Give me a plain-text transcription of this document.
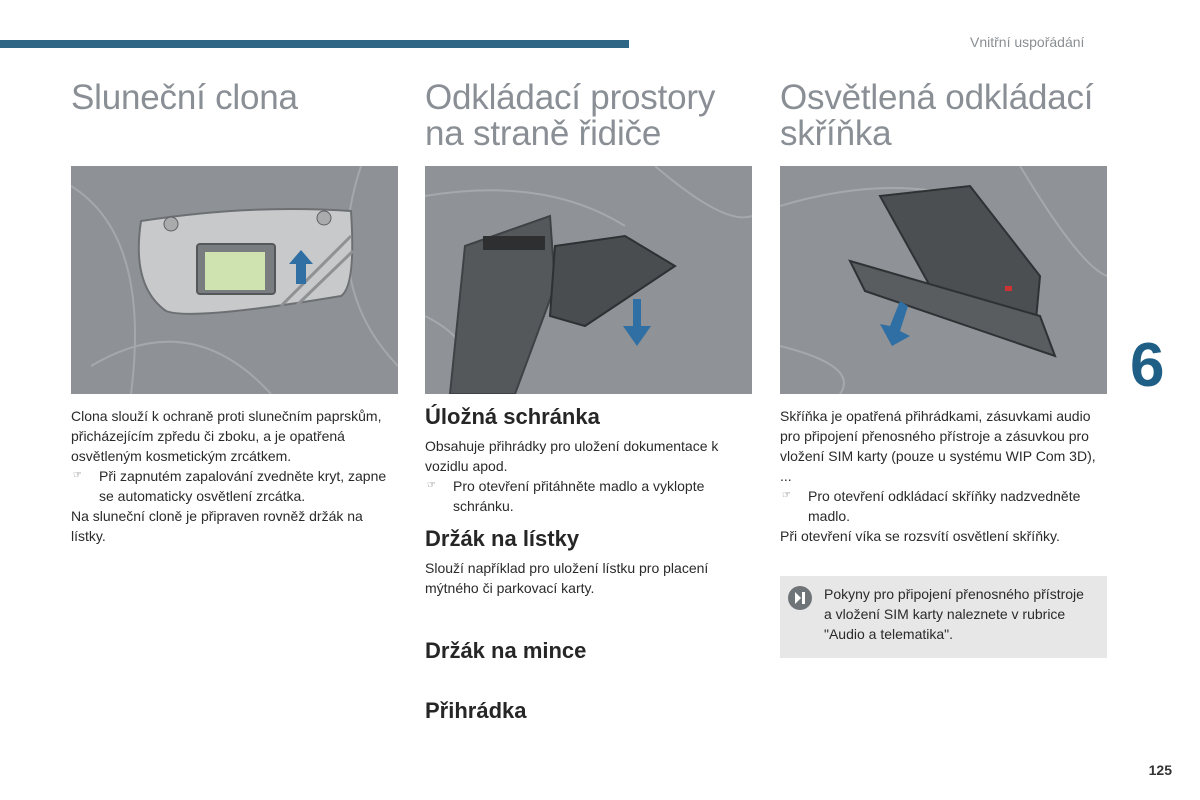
Vnitřní uspořádání
6
125
Sluneční clona

Clona slouží k ochraně proti slunečním paprskům, přicházejícím zpředu či zboku, a je opatřená osvětleným kosmetickým zrcátkem.

☞ Při zapnutém zapalování zvedněte kryt, zapne se automaticky osvětlení zrcátka.

Na sluneční cloně je připraven rovněž držák na lístky.

Odkládací prostory
na straně řidiče
Úložná schránka

Obsahuje přihrádky pro uložení dokumentace k vozidlu apod.

☞ Pro otevření přitáhněte madlo a vyklopte schránku.
Držák na lístky

Slouží například pro uložení lístku pro placení mýtného či parkovací karty.

Držák na mince
Přihrádka
Osvětlená odkládací
skříňka

Skříňka je opatřená přihrádkami, zásuvkami audio pro připojení přenosného přístroje a zásuvkou pro vložení SIM karty (pouze u systému WIP Com 3D), ...

☞ Pro otevření odkládací skříňky nadzvedněte madlo.

Při otevření víka se rozsvítí osvětlení skříňky.

Pokyny pro připojení přenosného přístroje a vložení SIM karty naleznete v rubrice "Audio a telematika".
